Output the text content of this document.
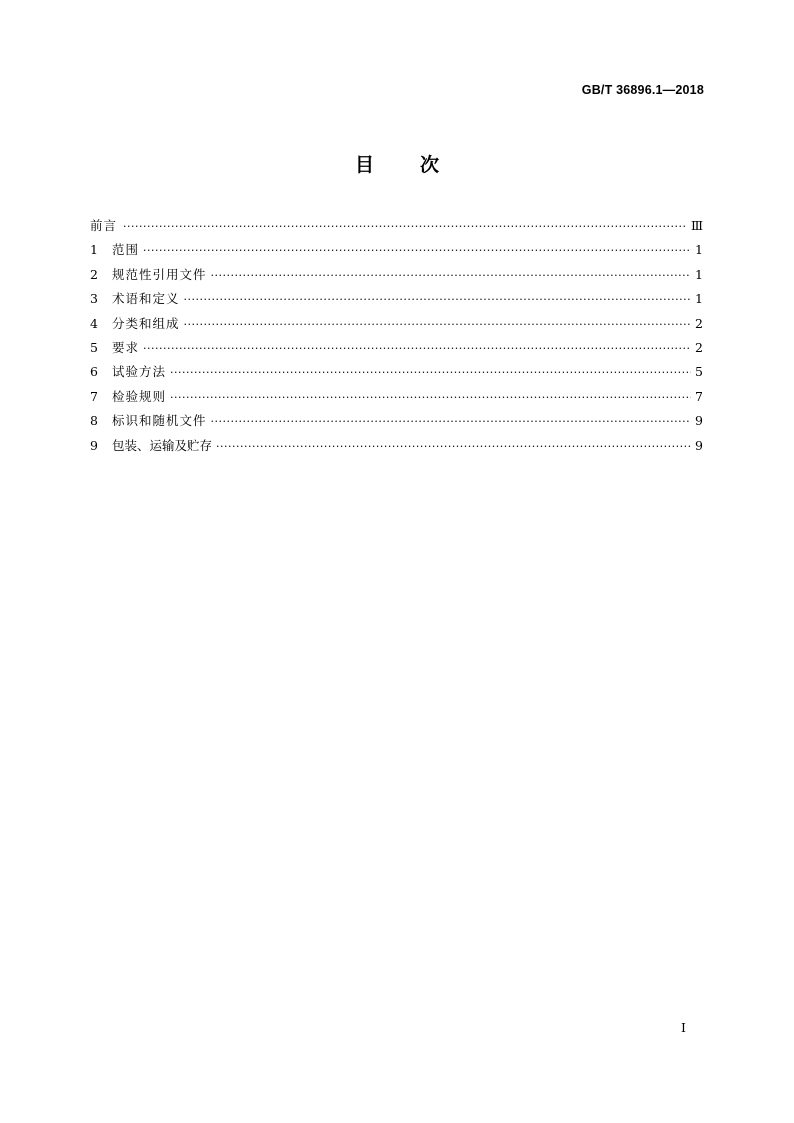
GB/T 36896.1—2018
目次
前言 ·····	Ⅲ
1	范围 ·····	1
2	规范性引用文件 ·····	1
3	术语和定义 ·····	1
4	分类和组成 ·····	2
5	要求 ·····	2
6	试验方法 ·····	5
7	检验规则 ·····	7
8	标识和随机文件 ·····	9
9	包装、运输及贮存 ·····	9
I
